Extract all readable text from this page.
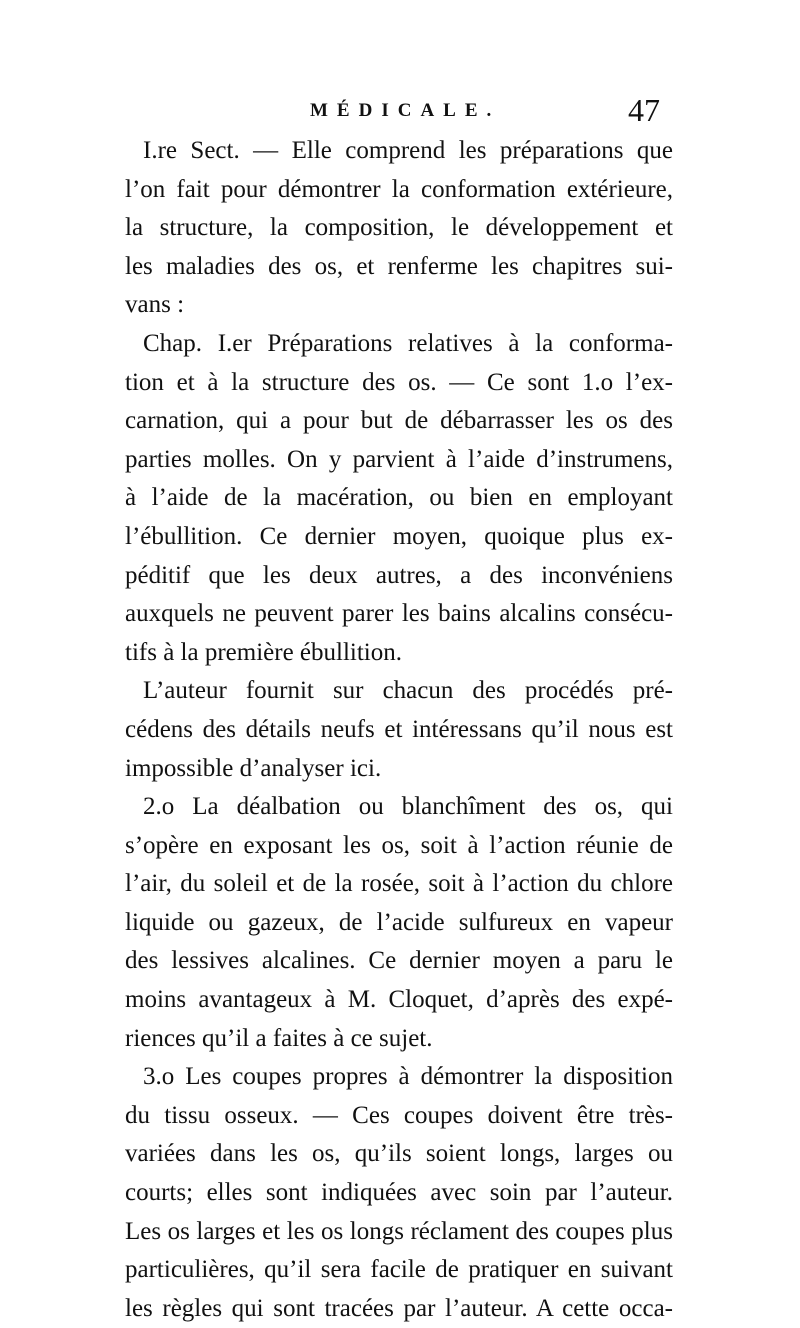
MÉDICALE.	47
I.re Sect. — Elle comprend les préparations que
l’on fait pour démontrer la conformation extérieure,
la structure, la composition, le développement et
les maladies des os, et renferme les chapitres sui-
vans :
Chap. I.er Préparations relatives à la conforma-
tion et à la structure des os. — Ce sont 1.o l’ex-
carnation, qui a pour but de débarrasser les os des
parties molles. On y parvient à l’aide d’instrumens,
à l’aide de la macération, ou bien en employant
l’ébullition. Ce dernier moyen, quoique plus ex-
péditif que les deux autres, a des inconvéniens
auxquels ne peuvent parer les bains alcalins consécu-
tifs à la première ébullition.
L’auteur fournit sur chacun des procédés pré-
cédens des détails neufs et intéressans qu’il nous est
impossible d’analyser ici.
2.o La déalbation ou blanchîment des os, qui
s’opère en exposant les os, soit à l’action réunie de
l’air, du soleil et de la rosée, soit à l’action du chlore
liquide ou gazeux, de l’acide sulfureux en vapeur
des lessives alcalines. Ce dernier moyen a paru le
moins avantageux à M. Cloquet, d’après des expé-
riences qu’il a faites à ce sujet.
3.o Les coupes propres à démontrer la disposition
du tissu osseux. — Ces coupes doivent être très-
variées dans les os, qu’ils soient longs, larges ou
courts; elles sont indiquées avec soin par l’auteur.
Les os larges et les os longs réclament des coupes plus
particulières, qu’il sera facile de pratiquer en suivant
les règles qui sont tracées par l’auteur. A cette occa-
